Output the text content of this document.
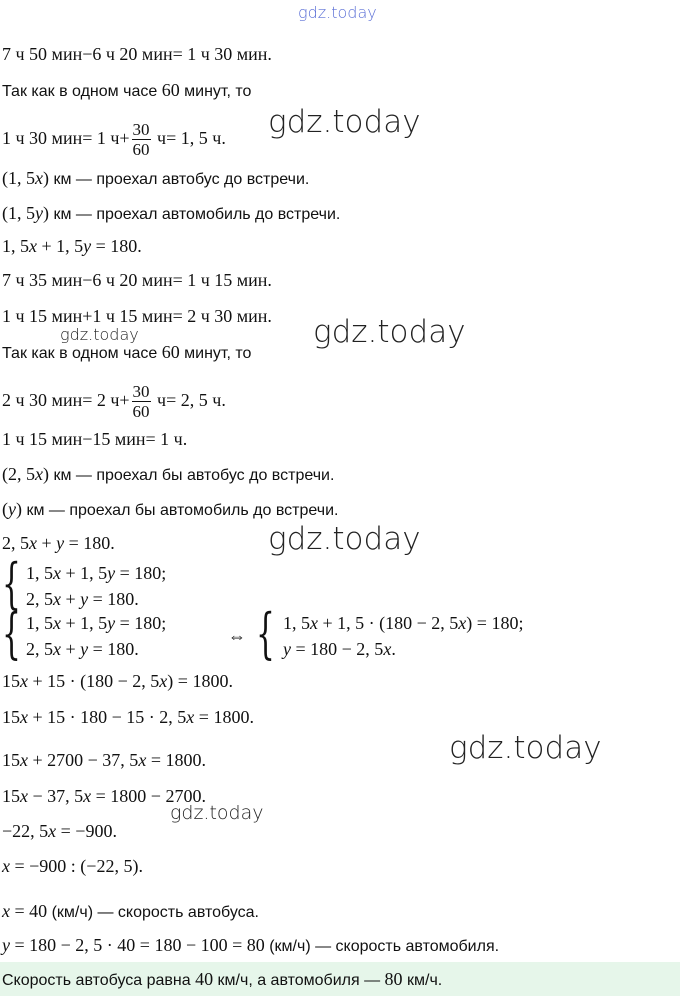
gdz.today
gdz.today
gdz.today	gdz.today
gdz.today
gdz.today
gdz.today
7 ч 50 мин−6 ч 20 мин= 1 ч 30 мин.
Так как в одном часе 60 минут, то
1 ч 30 мин= 1 $ч+ \frac{30}{60} ч= 1$, 5 ч.
(1, 5x) км — проехал автобус до встречи.
(1, 5y) км — проехал автомобиль до встречи.
1, 5x + 1, 5y = 180.
7 ч 35 мин−6 ч 20 мин= 1 ч 15 мин.
1 ч 15 мин+1 ч 15 мин= 2 ч 30 мин.
Так как в одном часе 60 минут, то
2 ч 30 мин= 2 $ч+ \frac{30}{60} ч= 2$, 5 ч.
1 ч 15 мин−15 мин= 1 ч.
(2, 5x) км — проехал бы автобус до встречи.
(y) км — проехал бы автомобиль до встречи.
2, 5x + y = 180.
{ 1, 5x + 1, 5y = 180;
2, 5x + y = 180.
{ 1, 5x + 1, 5y = 180;
2, 5x + y = 180.
⇔ { 1, 5x + 1, 5 · (180 − 2, 5x) = 180;
y = 180 − 2, 5x.
15x + 15 · (180 − 2, 5x) = 1800.
15x + 15 · 180 − 15 · 2, 5x = 1800.
15x + 2700 − 37, 5x = 1800.
15x − 37, 5x = 1800 − 2700.
−22, 5x = −900.
x = −900 : (−22, 5).
x = 40 (км/ч) — скорость автобуса.
y = 180 − 2, 5 · 40 = 180 − 100 = 80 (км/ч) — скорость автомобиля.
Скорость автобуса равна 40 км/ч, а автомобиля — 80 км/ч.
